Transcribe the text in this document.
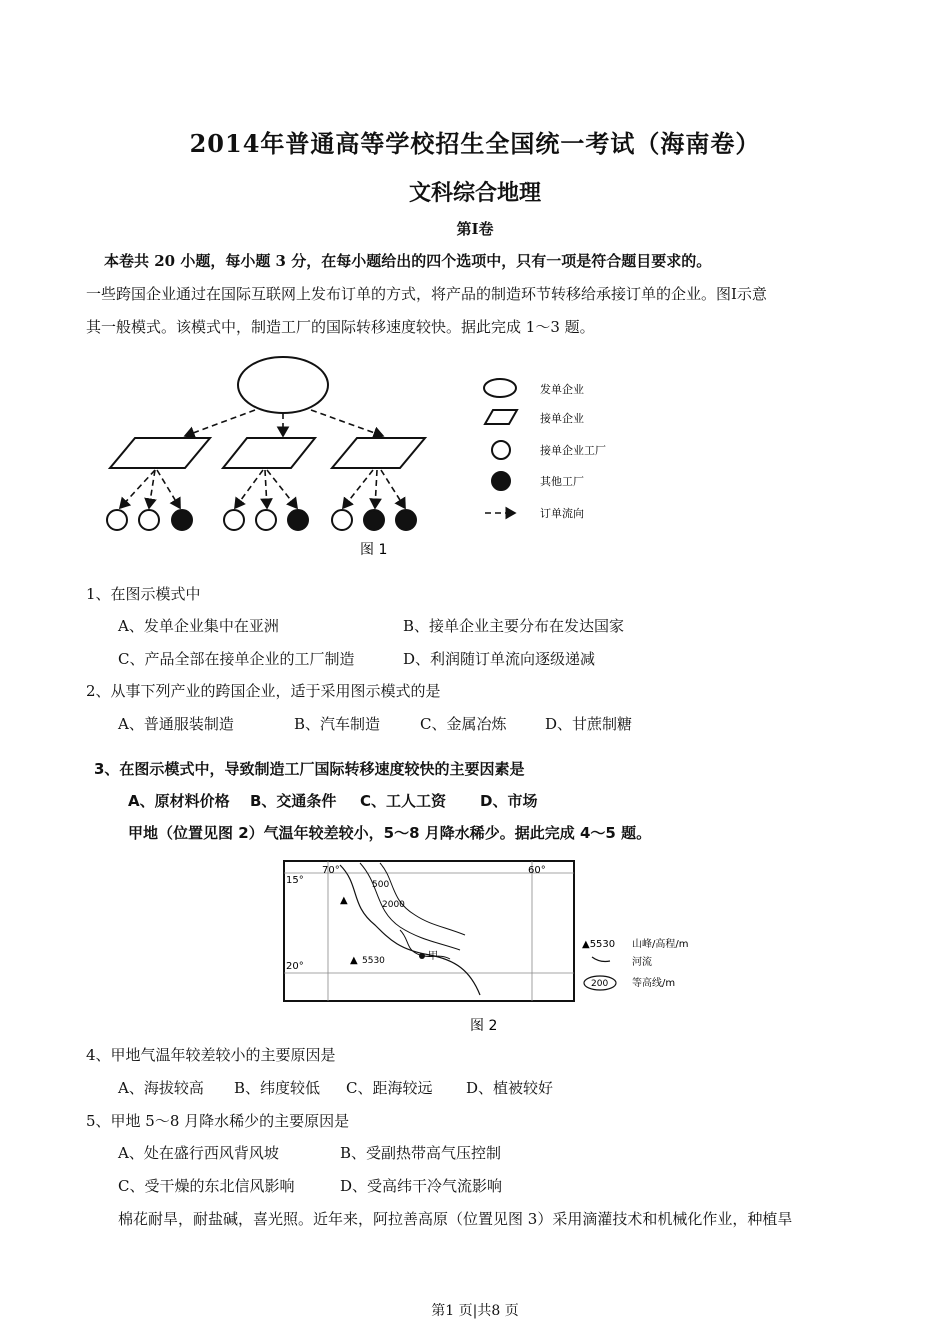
2014年普通高等学校招生全国统一考试（海南卷）
文科综合地理
第Ⅰ卷
本卷共 20 小题，每小题 3 分，在每小题给出的四个选项中，只有一项是符合题目要求的。
一些跨国企业通过在国际互联网上发布订单的方式，将产品的制造环节转移给承接订单的企业。图Ⅰ示意
其一般模式。该模式中，制造工厂的国际转移速度较快。据此完成 1～3 题。
发单企业
接单企业
接单企业工厂
其他工厂
订单流向
图 1
1、在图示模式中
A、发单企业集中在亚洲	B、接单企业主要分布在发达国家
C、产品全部在接单企业的工厂制造	D、利润随订单流向逐级递减
2、从事下列产业的跨国企业，适于采用图示模式的是
A、普通服装制造	B、汽车制造	C、金属冶炼	D、甘蔗制糖
3、在图示模式中，导致制造工厂国际转移速度较快的主要因素是
A、原材料价格 B、交通条件 C、工人工资 D、市场
甲地（位置见图 2）气温年较差较小，5～8 月降水稀少。据此完成 4～5 题。
15°
20°
70°	60°
500
2000
▲
▲ 5530	甲
▲5530 山峰/高程/m
河流
200 等高线/m
图 2
4、甲地气温年较差较小的主要原因是
A、海拔较高 B、纬度较低 C、距海较远 D、植被较好
5、甲地 5～8 月降水稀少的主要原因是
A、处在盛行西风背风坡	B、受副热带高气压控制
C、受干燥的东北信风影响	D、受高纬干冷气流影响
棉花耐旱，耐盐碱，喜光照。近年来，阿拉善高原（位置见图 3）采用滴灌技术和机械化作业，种植旱
第1 页|共8 页
